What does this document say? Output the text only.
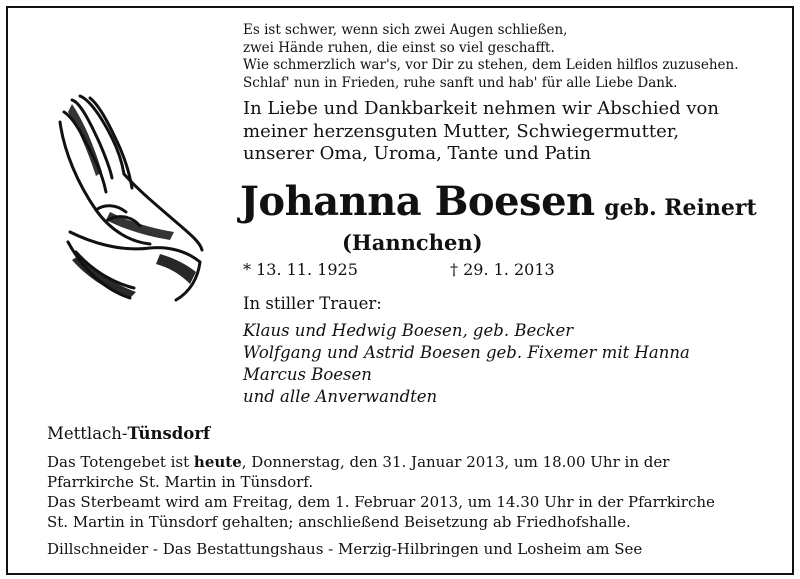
Es ist schwer, wenn sich zwei Augen schließen,
zwei Hände ruhen, die einst so viel geschafft.
Wie schmerzlich war's, vor Dir zu stehen, dem Leiden hilflos zuzusehen.
Schlaf' nun in Frieden, ruhe sanft und hab' für alle Liebe Dank.
In Liebe und Dankbarkeit nehmen wir Abschied von
meiner herzensguten Mutter, Schwiegermutter,
unserer Oma, Uroma, Tante und Patin
Johanna Boesen geb. Reinert
(Hannchen)
* 13. 11. 1925	† 29. 1. 2013
In stiller Trauer:
Klaus und Hedwig Boesen, geb. Becker
Wolfgang und Astrid Boesen geb. Fixemer mit Hanna
Marcus Boesen
und alle Anverwandten
Mettlach-Tünsdorf
Das Totengebet ist heute, Donnerstag, den 31. Januar 2013, um 18.00 Uhr in der
Pfarrkirche St. Martin in Tünsdorf.
Das Sterbeamt wird am Freitag, dem 1. Februar 2013, um 14.30 Uhr in der Pfarrkirche
St. Martin in Tünsdorf gehalten; anschließend Beisetzung ab Friedhofshalle.
Dillschneider - Das Bestattungshaus - Merzig-Hilbringen und Losheim am See
